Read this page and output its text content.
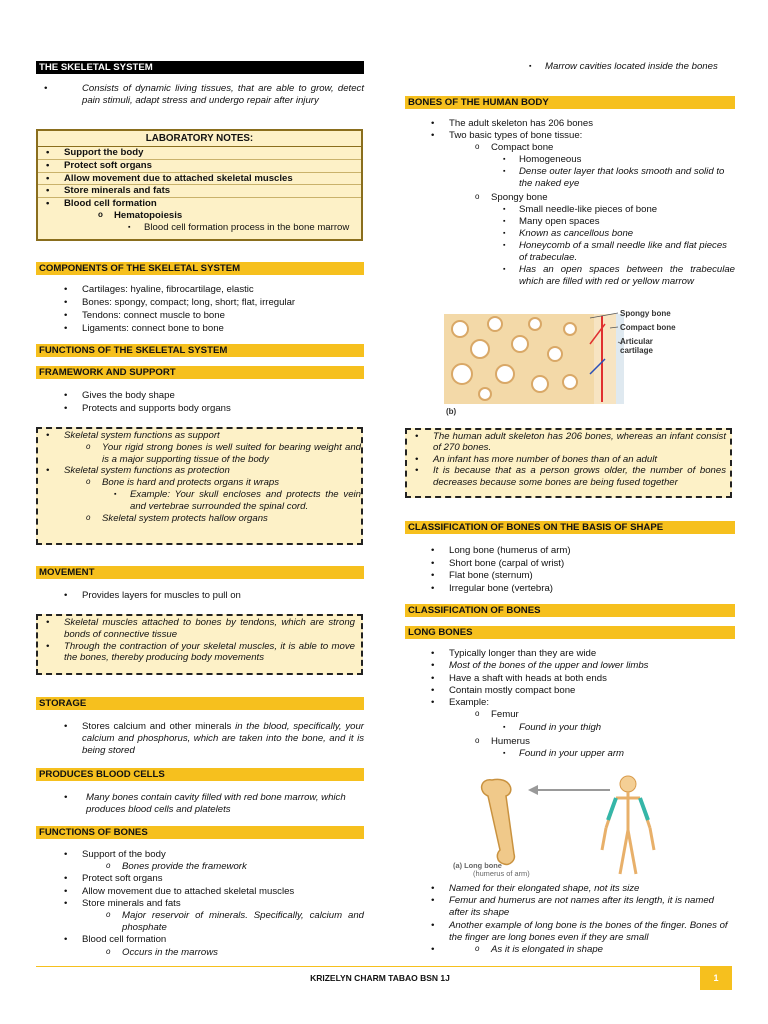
THE SKELETAL SYSTEM
• Consists of dynamic living tissues, that are able to grow, detect pain stimuli, adapt stress and undergo repair after injury
LABORATORY NOTES:
• Support the body
• Protect soft organs
• Allow movement due to attached skeletal muscles
• Store minerals and fats
• Blood cell formation
o Hematopoiesis
▪ Blood cell formation process in the bone marrow
COMPONENTS OF THE SKELETAL SYSTEM
• Cartilages: hyaline, fibrocartilage, elastic
• Bones: spongy, compact; long, short; flat, irregular
• Tendons: connect muscle to bone
• Ligaments: connect bone to bone
FUNCTIONS OF THE SKELETAL SYSTEM
FRAMEWORK AND SUPPORT
• Gives the body shape
• Protects and supports body organs
• Skeletal system functions as support
o Your rigid strong bones is well suited for bearing weight and is a major supporting tissue of the body
• Skeletal system functions as protection
o Bone is hard and protects organs it wraps
▪ Example: Your skull encloses and protects the vein and vertebrae surrounded the spinal cord.
o Skeletal system protects hallow organs
MOVEMENT
• Provides layers for muscles to pull on
• Skeletal muscles attached to bones by tendons, which are strong bonds of connective tissue
• Through the contraction of your skeletal muscles, it is able to move the bones, thereby producing body movements
STORAGE
• Stores calcium and other minerals in the blood, specifically, your calcium and phosphorus, which are taken into the bone, and it is being stored
PRODUCES BLOOD CELLS
• Many bones contain cavity filled with red bone marrow, which produces blood cells and platelets
FUNCTIONS OF BONES
• Support of the body
o Bones provide the framework
• Protect soft organs
• Allow movement due to attached skeletal muscles
• Store minerals and fats
o Major reservoir of minerals. Specifically, calcium and phosphate
• Blood cell formation
o Occurs in the marrows
▪ Marrow cavities located inside the bones
BONES OF THE HUMAN BODY
• The adult skeleton has 206 bones
• Two basic types of bone tissue:
o Compact bone
▪ Homogeneous
▪ Dense outer layer that looks smooth and solid to the naked eye
o Spongy bone
▪ Small needle-like pieces of bone
▪ Many open spaces
▪ Known as cancellous bone
▪ Honeycomb of a small needle like and flat pieces of trabeculae.
▪ Has an open spaces between the trabeculae which are filled with red or yellow marrow
Spongy bone
Compact bone
Articular
cartilage
(b)
• The human adult skeleton has 206 bones, whereas an infant consist of 270 bones.
• An infant has more number of bones than of an adult
• It is because that as a person grows older, the number of bones decreases because some bones are being fused together
CLASSIFICATION OF BONES ON THE BASIS OF SHAPE
• Long bone (humerus of arm)
• Short bone (carpal of wrist)
• Flat bone (sternum)
• Irregular bone (vertebra)
CLASSIFICATION OF BONES
LONG BONES
• Typically longer than they are wide
• Most of the bones of the upper and lower limbs
• Have a shaft with heads at both ends
• Contain mostly compact bone
• Example:
o Femur
▪ Found in your thigh
o Humerus
▪ Found in your upper arm
(a) Long bone
(humerus of arm)
• Named for their elongated shape, not its size
• Femur and humerus are not names after its length, it is named after its shape
• Another example of long bone is the bones of the finger. Bones of the finger are long bones even if they are small
o • As it is elongated in shape
KRIZELYN CHARM TABAO BSN 1J	1
